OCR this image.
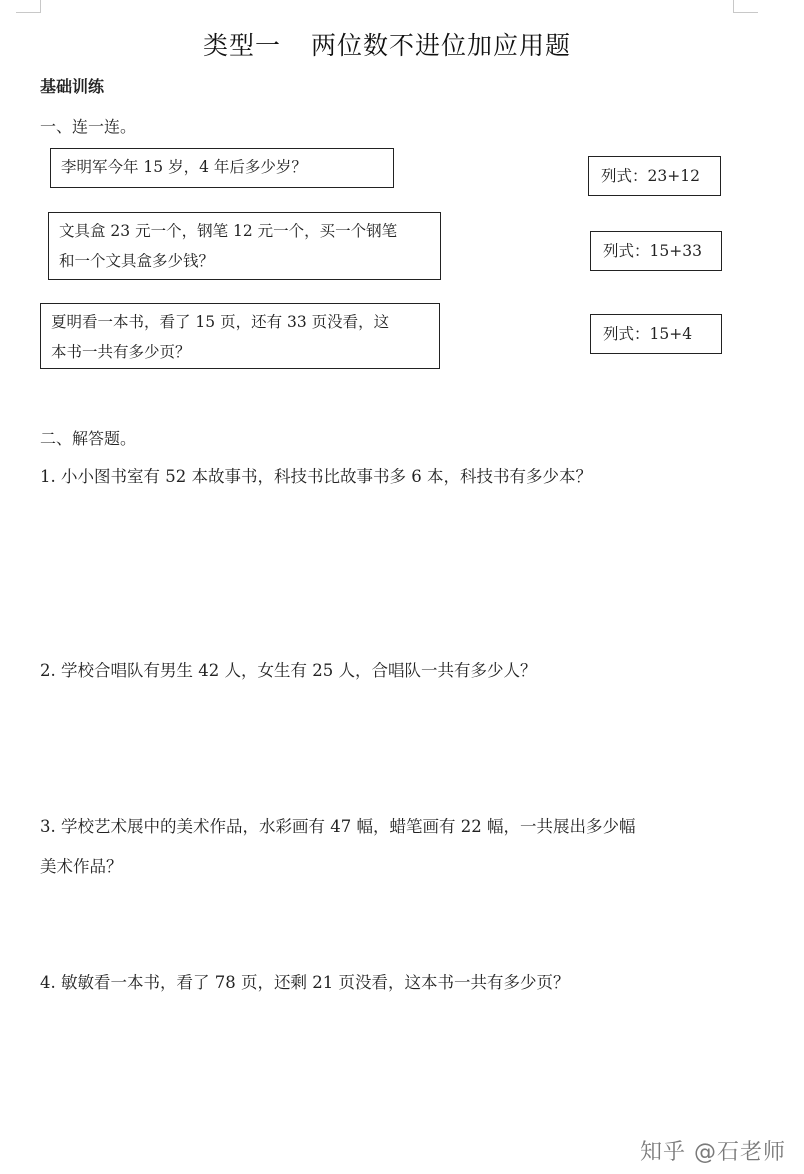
类型一 两位数不进位加应用题
基础训练
一、连一连。
李明军今年 15 岁，4 年后多少岁？
文具盒 23 元一个，钢笔 12 元一个，买一个钢笔
和一个文具盒多少钱？
夏明看一本书，看了 15 页，还有 33 页没看，这
本书一共有多少页？
列式：23+12
列式：15+33
列式：15+4
二、解答题。
1. 小小图书室有 52 本故事书，科技书比故事书多 6 本，科技书有多少本？
2. 学校合唱队有男生 42 人，女生有 25 人，合唱队一共有多少人？
3. 学校艺术展中的美术作品，水彩画有 47 幅，蜡笔画有 22 幅，一共展出多少幅
美术作品？
4. 敏敏看一本书，看了 78 页，还剩 21 页没看，这本书一共有多少页？
知乎 @石老师
